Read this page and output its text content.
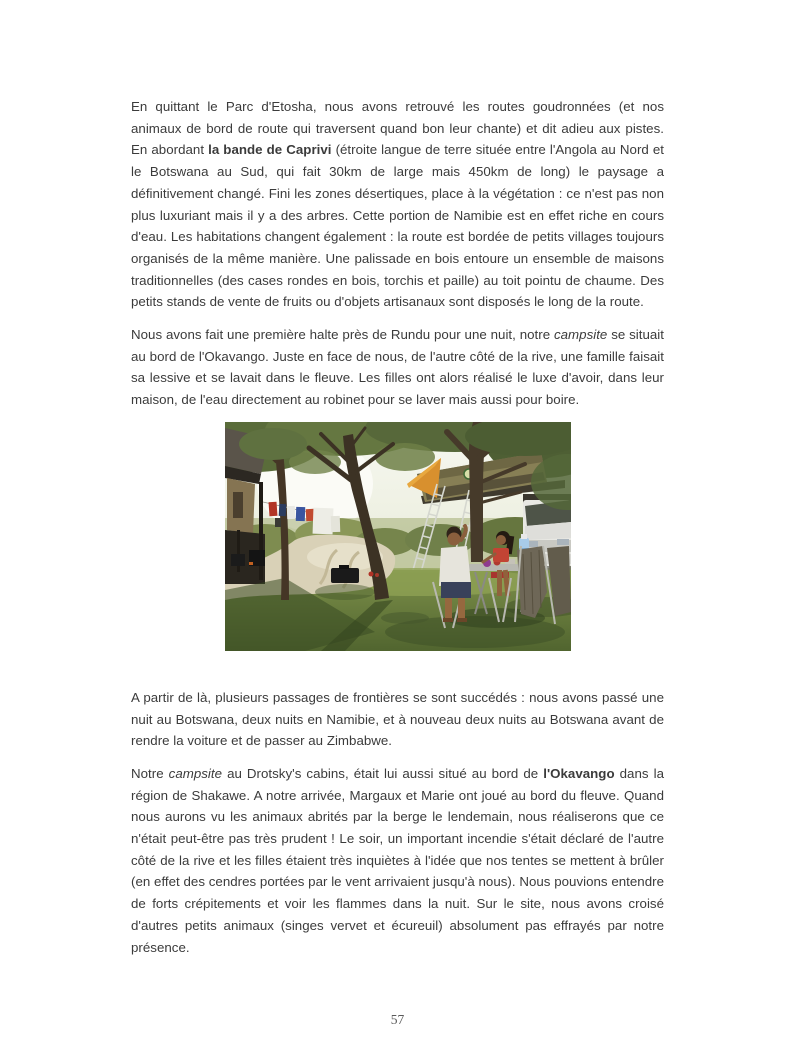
En quittant le Parc d'Etosha, nous avons retrouvé les routes goudronnées (et nos animaux de bord de route qui traversent quand bon leur chante) et dit adieu aux pistes. En abordant la bande de Caprivi (étroite langue de terre située entre l'Angola au Nord et le Botswana au Sud, qui fait 30km de large mais 450km de long) le paysage a définitivement changé. Fini les zones désertiques, place à la végétation : ce n'est pas non plus luxuriant mais il y a des arbres. Cette portion de Namibie est en effet riche en cours d'eau. Les habitations changent également : la route est bordée de petits villages toujours organisés de la même manière. Une palissade en bois entoure un ensemble de maisons traditionnelles (des cases rondes en bois, torchis et paille) au toit pointu de chaume. Des petits stands de vente de fruits ou d'objets artisanaux sont disposés le long de la route.

Nous avons fait une première halte près de Rundu pour une nuit, notre campsite se situait au bord de l'Okavango. Juste en face de nous, de l'autre côté de la rive, une famille faisait sa lessive et se lavait dans le fleuve. Les filles ont alors réalisé le luxe d'avoir, dans leur maison, de l'eau directement au robinet pour se laver mais aussi pour boire.

A partir de là, plusieurs passages de frontières se sont succédés : nous avons passé une nuit au Botswana, deux nuits en Namibie, et à nouveau deux nuits au Botswana avant de rendre la voiture et de passer au Zimbabwe.

Notre campsite au Drotsky's cabins, était lui aussi situé au bord de l'Okavango dans la région de Shakawe. A notre arrivée, Margaux et Marie ont joué au bord du fleuve. Quand nous aurons vu les animaux abrités par la berge le lendemain, nous réaliserons que ce n'était peut-être pas très prudent ! Le soir, un important incendie s'était déclaré de l'autre côté de la rive et les filles étaient très inquiètes à l'idée que nos tentes se mettent à brûler (en effet des cendres portées par le vent arrivaient jusqu'à nous). Nous pouvions entendre de forts crépitements et voir les flammes dans la nuit. Sur le site, nous avons croisé d'autres petits animaux (singes vervet et écureuil) absolument pas effrayés par notre présence.

57
